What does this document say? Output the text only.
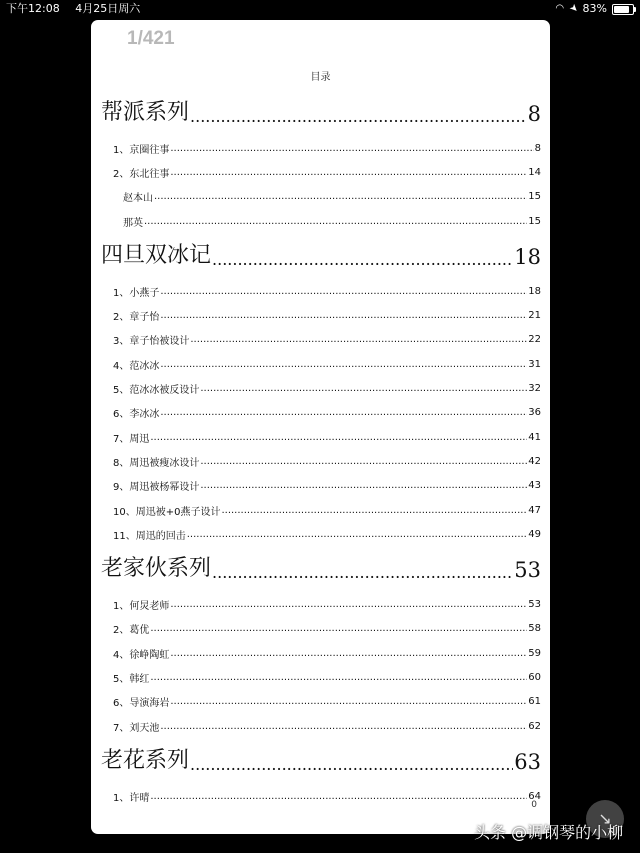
下午12:08 4月25日周六	◠ ➤ 83%
1/421
目录
帮派系列 .....	8
1、京圈往事 .....	8
2、东北往事 .....	14
赵本山 .....	15
那英 .....	15
四旦双冰记 .....	18
1、小燕子 .....	18
2、章子怡 .....	21
3、章子怡被设计 .....	22
4、范冰冰 .....	31
5、范冰冰被反设计 .....	32
6、李冰冰 .....	36
7、周迅 .....	41
8、周迅被瘦冰设计 .....	42
9、周迅被杨幂设计 .....	43
10、周迅被+0燕子设计 .....	47
11、周迅的回击 .....	49
老家伙系列 .....	53
1、何炅老师 .....	53
2、葛优 .....	58
4、徐峥陶虹 .....	59
5、韩红 .....	60
6、导演海岩 .....	61
7、刘天池 .....	62
老花系列 .....	63
1、许晴 .....	64
0
↘
头条 @调钢琴的小柳
